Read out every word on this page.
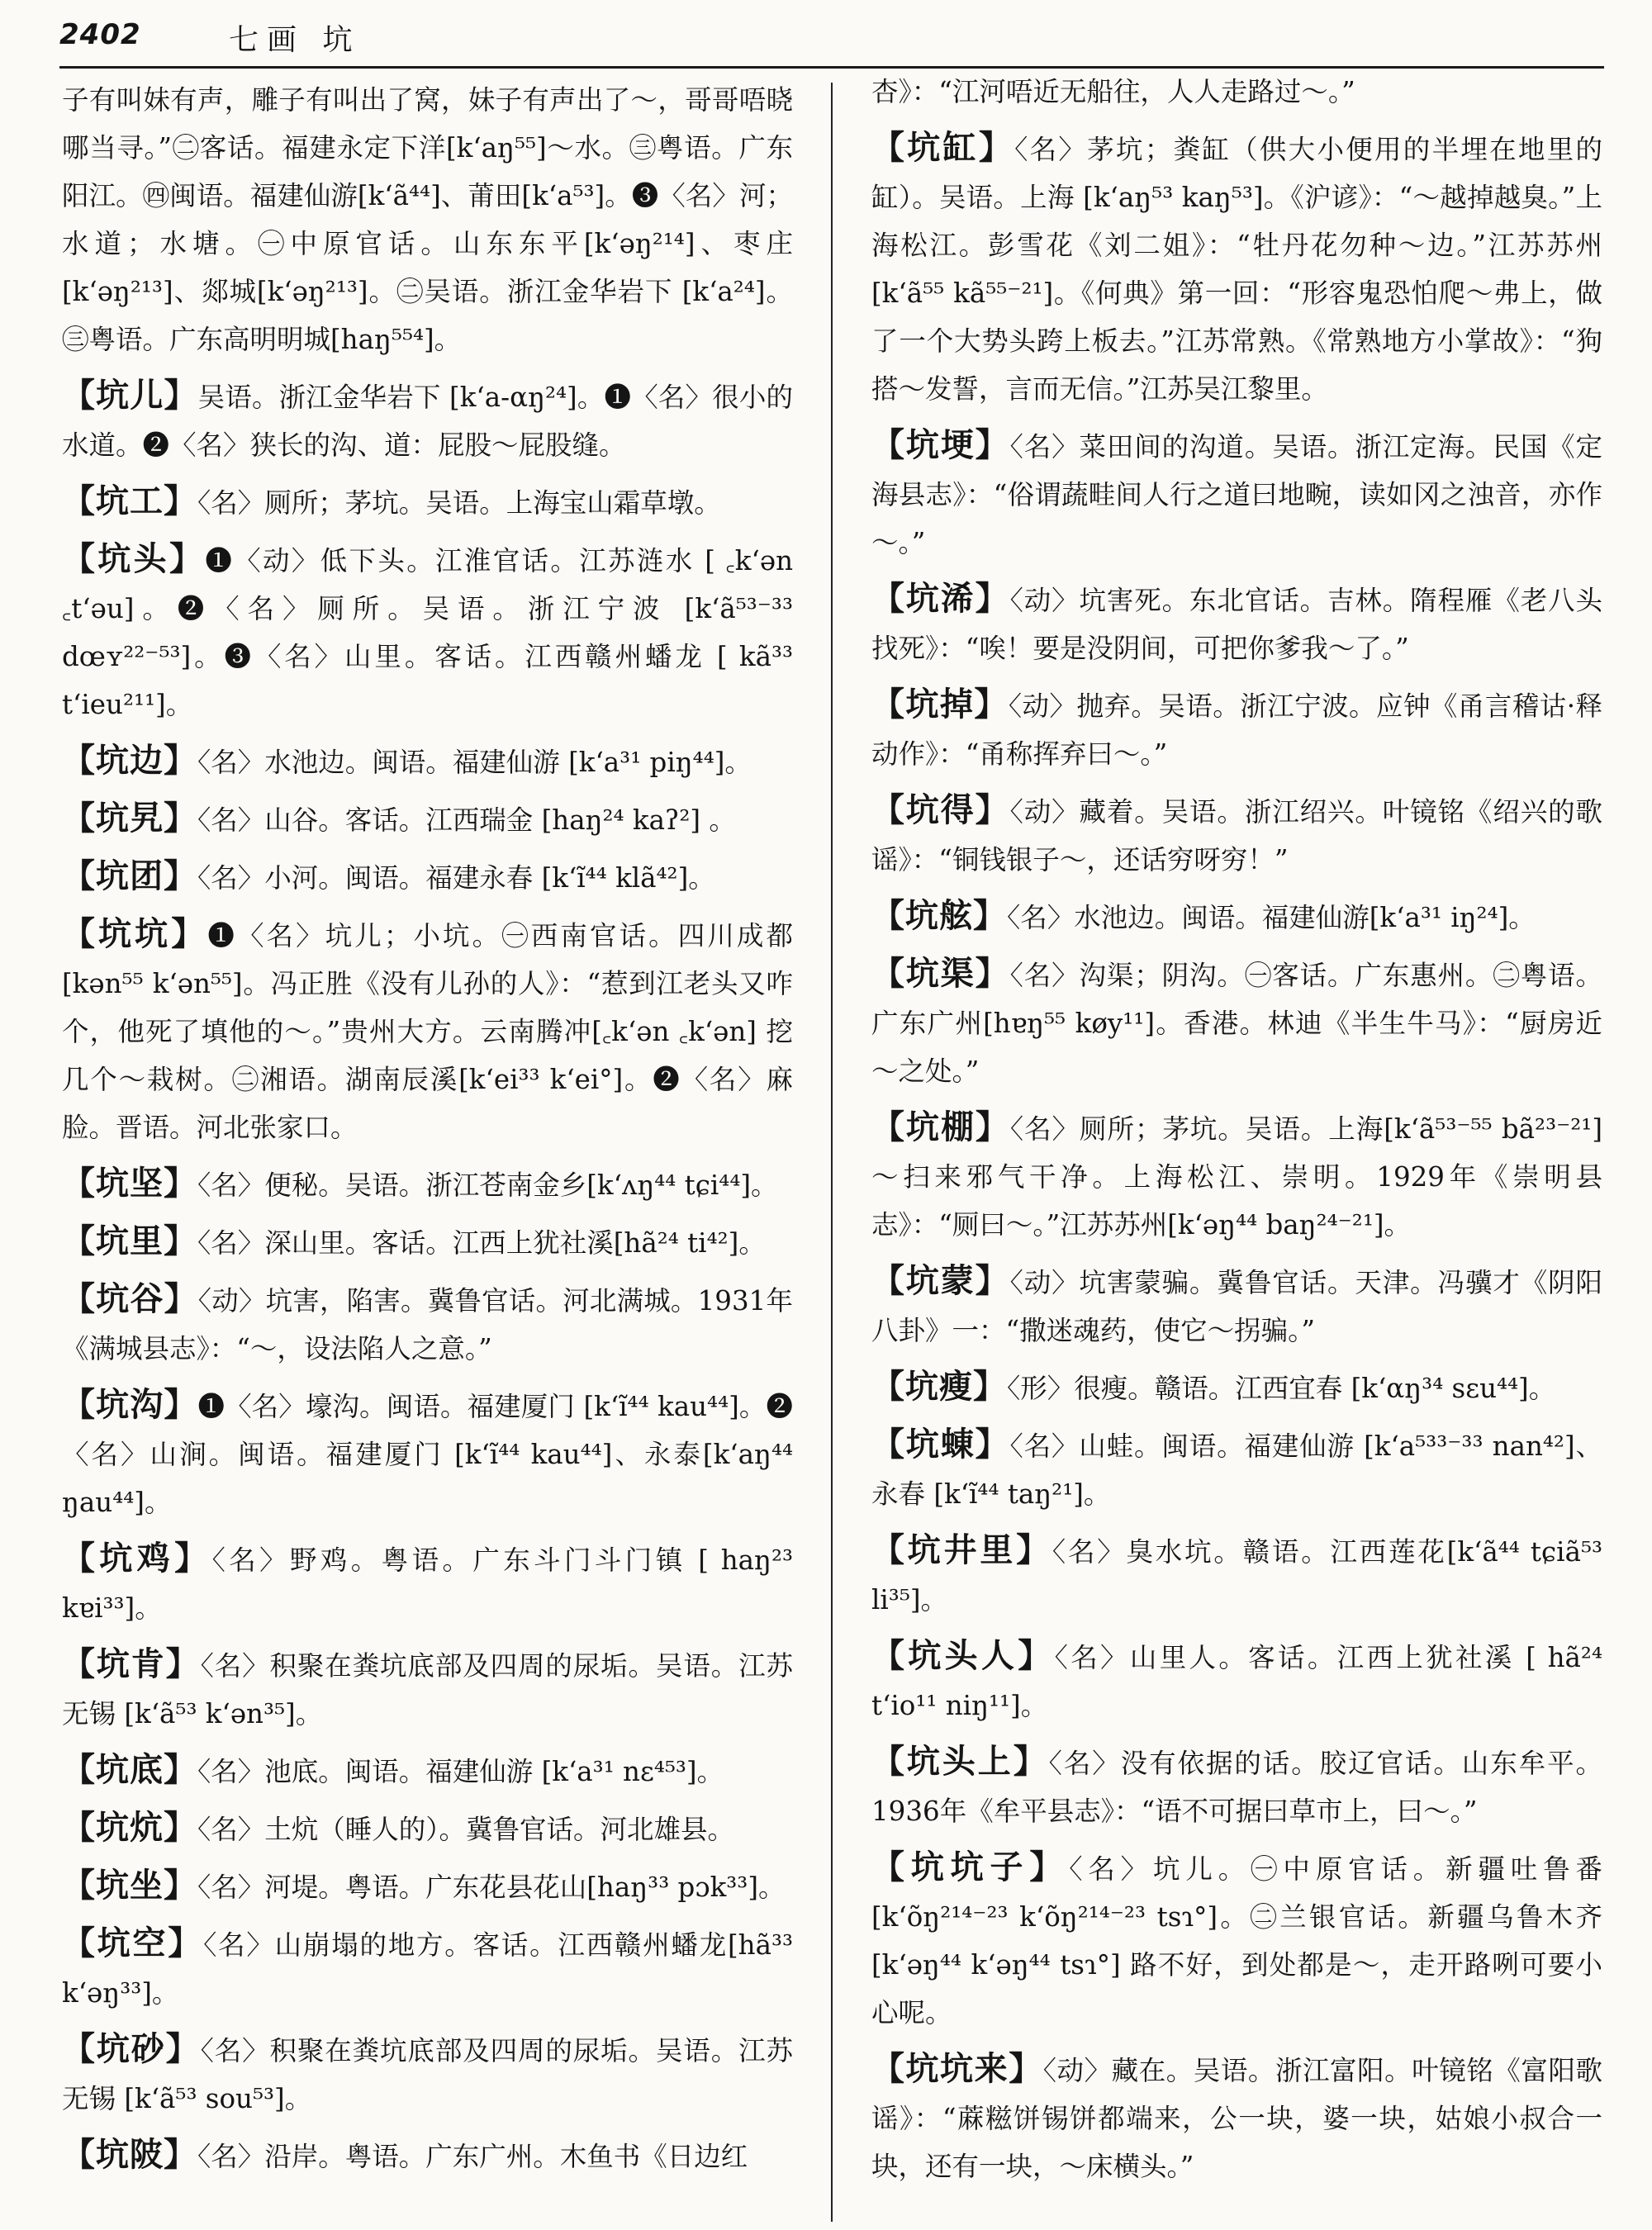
2402	七画 坑
子有叫妹有声，雕子有叫出了窝，妹子有声出了～，哥哥唔晓哪当寻。”㊁客话。福建永定下洋[k‘aŋ⁵⁵]～水。㊂粤语。广东阳江。㊃闽语。福建仙游[k‘ã⁴⁴]、莆田[k‘a⁵³]。❸〈名〉河；水道；水塘。㊀中原官话。山东东平[k‘əŋ²¹⁴]、枣庄[k‘əŋ²¹³]、郯城[k‘əŋ²¹³]。㊁吴语。浙江金华岩下 [k‘a²⁴]。㊂粤语。广东高明明城[haŋ⁵⁵⁴]。
【坑儿】吴语。浙江金华岩下 [k‘a-αŋ²⁴]。❶〈名〉很小的水道。❷〈名〉狭长的沟、道：屁股～屁股缝。
【坑工】〈名〉厕所；茅坑。吴语。上海宝山霜草墩。
【坑头】❶〈动〉低下头。江淮官话。江苏涟水 [ ꜀k‘ən ꜀t‘əu]。❷〈名〉厕所。吴语。浙江宁波 [k‘ã⁵³⁻³³ dœʏ²²⁻⁵³]。❸〈名〉山里。客话。江西赣州蟠龙 [ kã³³ t‘ieu²¹¹]。
【坑边】〈名〉水池边。闽语。福建仙游 [k‘a³¹ piŋ⁴⁴]。
【坑旯】〈名〉山谷。客话。江西瑞金 [haŋ²⁴ kaʔ²] 。
【坑团】〈名〉小河。闽语。福建永春 [k‘ĩ⁴⁴ klã⁴²]。
【坑坑】❶〈名〉坑儿；小坑。㊀西南官话。四川成都[kən⁵⁵ k‘ən⁵⁵]。冯正胜《没有儿孙的人》：“惹到江老头又咋个，他死了填他的～。”贵州大方。云南腾冲[꜀k‘ən ꜀k‘ən] 挖几个～栽树。㊁湘语。湖南辰溪[k‘ei³³ k‘ei°]。❷〈名〉麻脸。晋语。河北张家口。
【坑坚】〈名〉便秘。吴语。浙江苍南金乡[k‘ʌŋ⁴⁴ tɕi⁴⁴]。
【坑里】〈名〉深山里。客话。江西上犹社溪[hã²⁴ ti⁴²]。
【坑谷】〈动〉坑害，陷害。冀鲁官话。河北满城。1931年《满城县志》：“～，设法陷人之意。”
【坑沟】❶〈名〉壕沟。闽语。福建厦门 [k‘ĩ⁴⁴ kau⁴⁴]。❷〈名〉山涧。闽语。福建厦门 [k‘ĩ⁴⁴ kau⁴⁴]、永泰[k‘aŋ⁴⁴ ŋau⁴⁴]。
【坑鸡】〈名〉野鸡。粤语。广东斗门斗门镇 [ haŋ²³ kɐi³³]。
【坑肯】〈名〉积聚在粪坑底部及四周的尿垢。吴语。江苏无锡 [k‘ã⁵³ k‘ən³⁵]。
【坑底】〈名〉池底。闽语。福建仙游 [k‘a³¹ nɛ⁴⁵³]。
【坑炕】〈名〉土炕（睡人的）。冀鲁官话。河北雄县。
【坑坐】〈名〉河堤。粤语。广东花县花山[haŋ³³ pɔk³³]。
【坑空】〈名〉山崩塌的地方。客话。江西赣州蟠龙[hã³³ k‘əŋ³³]。
【坑砂】〈名〉积聚在粪坑底部及四周的尿垢。吴语。江苏无锡 [k‘ã⁵³ sou⁵³]。
【坑陂】〈名〉沿岸。粤语。广东广州。木鱼书《日边红
杏》：“江河唔近无船往，人人走路过～。”
【坑缸】〈名〉茅坑；粪缸（供大小便用的半埋在地里的缸）。吴语。上海 [k‘aŋ⁵³ kaŋ⁵³]。《沪谚》：“～越掉越臭。”上海松江。彭雪花《刘二姐》：“牡丹花勿种～边。”江苏苏州 [k‘ã⁵⁵ kã⁵⁵⁻²¹]。《何典》第一回：“形容鬼恐怕爬～弗上，做了一个大势头跨上板去。”江苏常熟。《常熟地方小掌故》：“狗搭～发誓，言而无信。”江苏吴江黎里。
【坑埂】〈名〉菜田间的沟道。吴语。浙江定海。民国《定海县志》：“俗谓蔬畦间人行之道曰地畹，读如冈之浊音，亦作～。”
【坑浠】〈动〉坑害死。东北官话。吉林。隋程雁《老八头找死》：“唉！要是没阴间，可把你爹我～了。”
【坑掉】〈动〉抛弃。吴语。浙江宁波。应钟《甬言稽诂·释动作》：“甬称挥弃曰～。”
【坑得】〈动〉藏着。吴语。浙江绍兴。叶镜铭《绍兴的歌谣》：“铜钱银子～，还话穷呀穷！”
【坑舷】〈名〉水池边。闽语。福建仙游[k‘a³¹ iŋ²⁴]。
【坑渠】〈名〉沟渠；阴沟。㊀客话。广东惠州。㊁粤语。广东广州[hɐŋ⁵⁵ køy¹¹]。香港。林迪《半生牛马》：“厨房近～之处。”
【坑棚】〈名〉厕所；茅坑。吴语。上海[k‘ã⁵³⁻⁵⁵ bã²³⁻²¹]～扫来邪气干净。上海松江、崇明。1929年《崇明县志》：“厕曰～。”江苏苏州[k‘əŋ⁴⁴ baŋ²⁴⁻²¹]。
【坑蒙】〈动〉坑害蒙骗。冀鲁官话。天津。冯骥才《阴阳八卦》一：“撒迷魂药，使它～拐骗。”
【坑瘦】〈形〉很瘦。赣语。江西宜春 [k‘αŋ³⁴ sɛu⁴⁴]。
【坑蝀】〈名〉山蛙。闽语。福建仙游 [k‘a⁵³³⁻³³ nan⁴²]、永春 [k‘ĩ⁴⁴ taŋ²¹]。
【坑井里】〈名〉臭水坑。赣语。江西莲花[k‘ã⁴⁴ tɕiã⁵³ li³⁵]。
【坑头人】〈名〉山里人。客话。江西上犹社溪 [ hã²⁴ t‘io¹¹ niŋ¹¹]。
【坑头上】〈名〉没有依据的话。胶辽官话。山东牟平。1936年《牟平县志》：“语不可据曰草市上，曰～。”
【坑坑子】〈名〉坑儿。㊀中原官话。新疆吐鲁番[k‘õŋ²¹⁴⁻²³ k‘õŋ²¹⁴⁻²³ tsɿ°]。㊁兰银官话。新疆乌鲁木齐[k‘əŋ⁴⁴ k‘əŋ⁴⁴ tsɿ°] 路不好，到处都是～，走开路咧可要小心呢。
【坑坑来】〈动〉藏在。吴语。浙江富阳。叶镜铭《富阳歌谣》：“蔴糍饼锡饼都端来，公一块，婆一块，姑娘小叔合一块，还有一块，～床横头。”
